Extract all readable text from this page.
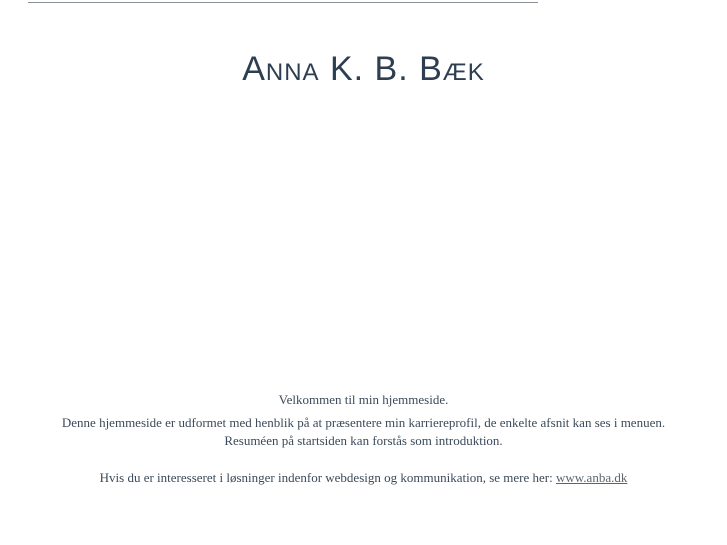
Anna K. B. Bæk

Velkommen til min hjemmeside.

Denne hjemmeside er udformet med henblik på at præsentere min karriereprofil, de enkelte afsnit kan ses i menuen.

Resuméen på startsiden kan forstås som introduktion.

Hvis du er interesseret i løsninger indenfor webdesign og kommunikation, se mere her: www.anba.dk
